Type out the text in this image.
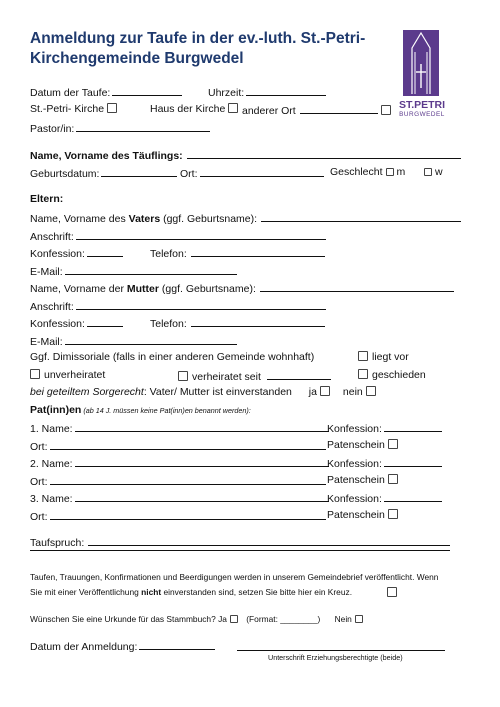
Anmeldung zur Taufe in der ev.-luth. St.-Petri-
Kirchengemeinde Burgwedel
ST.PETRI
BURGWEDEL
Datum der Taufe:	Uhrzeit:
St.-Petri- Kirche	Haus der Kirche	anderer Ort
Pastor/in:
Name, Vorname des Täuflings:
Geburtsdatum:	Ort:	Geschlecht m	w
Eltern:
Name, Vorname des Vaters (ggf. Geburtsname):
Anschrift:
Konfession:	Telefon:
E-Mail:
Name, Vorname der Mutter (ggf. Geburtsname):
Anschrift:
Konfession:	Telefon:
E-Mail:
Ggf. Dimissoriale (falls in einer anderen Gemeinde wohnhaft)	liegt vor
unverheiratet	verheiratet seit	geschieden
bei geteiltem Sorgerecht: Vater/ Mutter ist einverstanden ja nein
Pat(inn)en (ab 14 J. müssen keine Pat(inn)en benannt werden):
1. Name:	Konfession:
Ort:	Patenschein
2. Name:	Konfession:
Ort:	Patenschein
3. Name:	Konfession:
Ort:	Patenschein
Taufspruch:
Taufen, Trauungen, Konfirmationen und Beerdigungen werden in unserem Gemeindebrief veröffentlicht. Wenn
Sie mit einer Veröffentlichung nicht einverstanden sind, setzen Sie bitte hier ein Kreuz.
Wünschen Sie eine Urkunde für das Stammbuch? Ja (Format: ________) Nein
Datum der Anmeldung:
Unterschrift Erziehungsberechtigte (beide)
